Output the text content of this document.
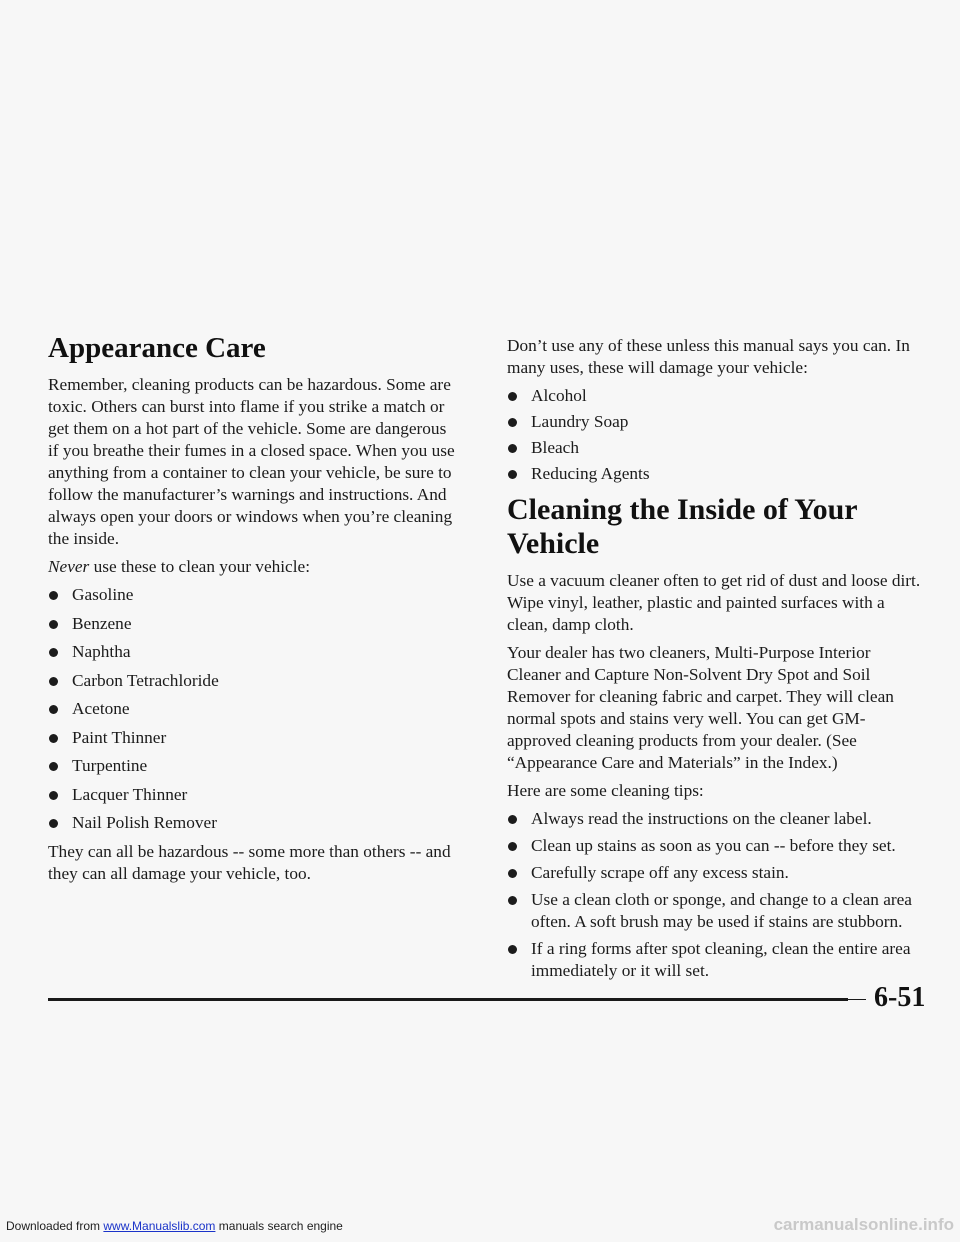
Appearance Care

Remember, cleaning products can be hazardous. Some are toxic. Others can burst into flame if you strike a match or get them on a hot part of the vehicle. Some are dangerous if you breathe their fumes in a closed space. When you use anything from a container to clean your vehicle, be sure to follow the manufacturer’s warnings and instructions. And always open your doors or windows when you’re cleaning the inside.

Never use these to clean your vehicle:

Gasoline
Benzene
Naphtha
Carbon Tetrachloride
Acetone
Paint Thinner
Turpentine
Lacquer Thinner
Nail Polish Remover

They can all be hazardous -- some more than others -- and they can all damage your vehicle, too.

Don’t use any of these unless this manual says you can. In many uses, these will damage your vehicle:

Alcohol
Laundry Soap
Bleach
Reducing Agents
Cleaning the Inside of Your Vehicle

Use a vacuum cleaner often to get rid of dust and loose dirt. Wipe vinyl, leather, plastic and painted surfaces with a clean, damp cloth.

Your dealer has two cleaners, Multi-Purpose Interior Cleaner and Capture Non-Solvent Dry Spot and Soil Remover for cleaning fabric and carpet. They will clean normal spots and stains very well. You can get GM-approved cleaning products from your dealer. (See “Appearance Care and Materials” in the Index.)

Here are some cleaning tips:

Always read the instructions on the cleaner label.
Clean up stains as soon as you can -- before they set.
Carefully scrape off any excess stain.
Use a clean cloth or sponge, and change to a clean area often. A soft brush may be used if stains are stubborn.
If a ring forms after spot cleaning, clean the entire area immediately or it will set.
6-51
Downloaded from www.Manualslib.com manuals search engine	carmanualsonline.info
